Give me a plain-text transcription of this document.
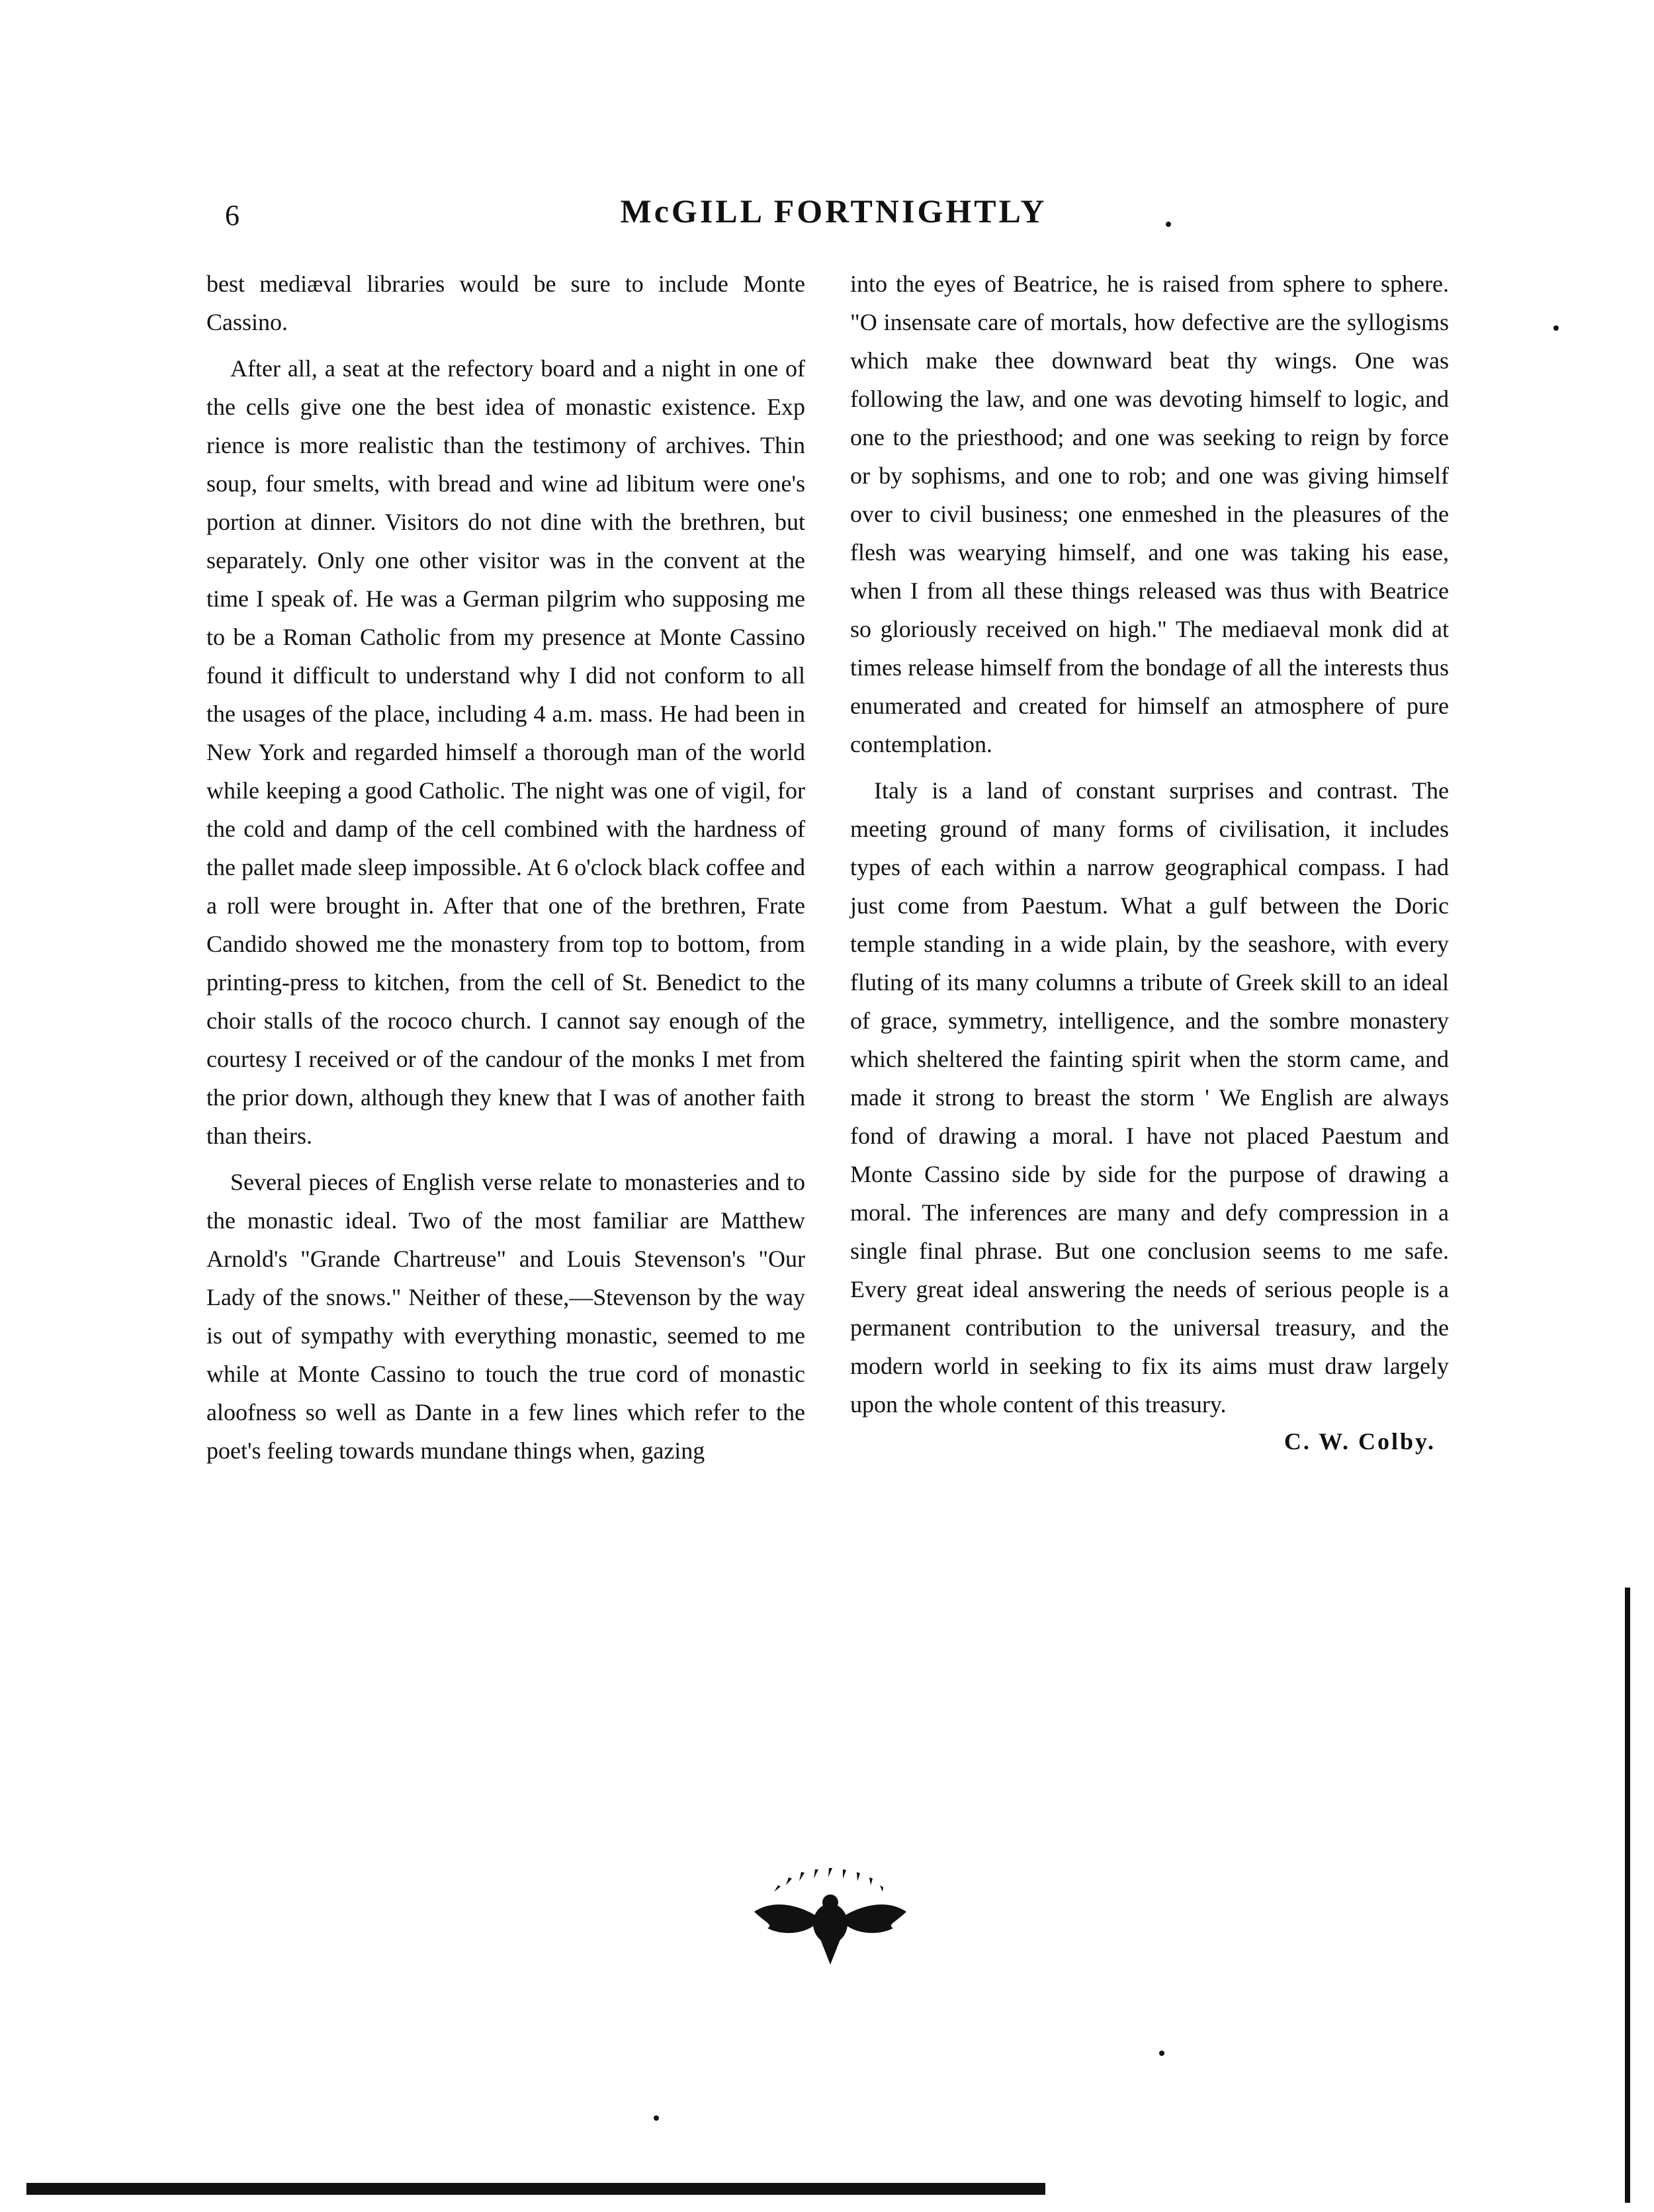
6	McGILL FORTNIGHTLY

best mediæval libraries would be sure to include Monte Cassino.

After all, a seat at the refectory board and a night in one of the cells give one the best idea of monastic existence. Exp rience is more realistic than the testimony of archives. Thin soup, four smelts, with bread and wine ad libitum were one's portion at dinner. Visitors do not dine with the brethren, but separately. Only one other visitor was in the convent at the time I speak of. He was a German pilgrim who supposing me to be a Roman Catholic from my presence at Monte Cassino found it difficult to understand why I did not conform to all the usages of the place, including 4 a.m. mass. He had been in New York and regarded himself a thorough man of the world while keeping a good Catholic. The night was one of vigil, for the cold and damp of the cell combined with the hardness of the pallet made sleep impossible. At 6 o'clock black coffee and a roll were brought in. After that one of the brethren, Frate Candido showed me the monastery from top to bottom, from printing-press to kitchen, from the cell of St. Benedict to the choir stalls of the rococo church. I cannot say enough of the courtesy I received or of the candour of the monks I met from the prior down, although they knew that I was of another faith than theirs.

Several pieces of English verse relate to monasteries and to the monastic ideal. Two of the most familiar are Matthew Arnold's "Grande Chartreuse" and Louis Stevenson's "Our Lady of the snows." Neither of these,—Stevenson by the way is out of sympathy with everything monastic, seemed to me while at Monte Cassino to touch the true cord of monastic aloofness so well as Dante in a few lines which refer to the poet's feeling towards mundane things when, gazing

into the eyes of Beatrice, he is raised from sphere to sphere. "O insensate care of mortals, how defective are the syllogisms which make thee downward beat thy wings. One was following the law, and one was devoting himself to logic, and one to the priesthood; and one was seeking to reign by force or by sophisms, and one to rob; and one was giving himself over to civil business; one enmeshed in the pleasures of the flesh was wearying himself, and one was taking his ease, when I from all these things released was thus with Beatrice so gloriously received on high." The mediaeval monk did at times release himself from the bondage of all the interests thus enumerated and created for himself an atmosphere of pure contemplation.

Italy is a land of constant surprises and contrast. The meeting ground of many forms of civilisation, it includes types of each within a narrow geographical compass. I had just come from Paestum. What a gulf between the Doric temple standing in a wide plain, by the seashore, with every fluting of its many columns a tribute of Greek skill to an ideal of grace, symmetry, intelligence, and the sombre monastery which sheltered the fainting spirit when the storm came, and made it strong to breast the storm ' We English are always fond of drawing a moral. I have not placed Paestum and Monte Cassino side by side for the purpose of drawing a moral. The inferences are many and defy compression in a single final phrase. But one conclusion seems to me safe. Every great ideal answering the needs of serious people is a permanent contribution to the universal treasury, and the modern world in seeking to fix its aims must draw largely upon the whole content of this treasury.

C. W. Colby.
